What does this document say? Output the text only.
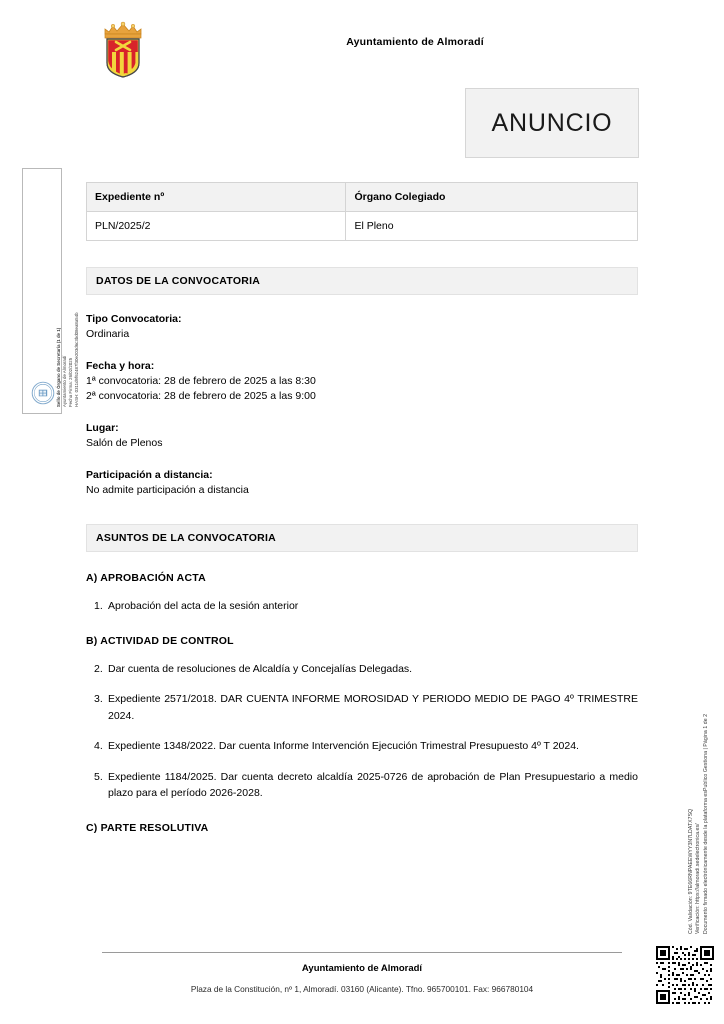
Sello de Órgano de Secretaría (1 de 1) Ayuntamiento de Almoradí Fecha Firma: 26/02/2025 HASH: 0311d9f62487f30e203d6c3bd08ea8a54b
Ayuntamiento de Almoradí
ANUNCIO
Expediente nº	Órgano Colegiado
PLN/2025/2	El Pleno
DATOS DE LA CONVOCATORIA
Tipo Convocatoria:
Ordinaria
Fecha y hora:
1ª convocatoria: 28 de febrero de 2025 a las 8:30
2ª convocatoria: 28 de febrero de 2025 a las 9:00
Lugar:
Salón de Plenos
Participación a distancia:
No admite participación a distancia
ASUNTOS DE LA CONVOCATORIA
A) APROBACIÓN ACTA
1. Aprobación del acta de la sesión anterior
B) ACTIVIDAD DE CONTROL
2. Dar cuenta de resoluciones de Alcaldía y Concejalías Delegadas.
3. Expediente 2571/2018. DAR CUENTA INFORME MOROSIDAD Y PERIODO MEDIO DE PAGO 4º TRIMESTRE 2024.
4. Expediente 1348/2022. Dar cuenta Informe Intervención Ejecución Trimestral Presupuesto 4º T 2024.
5. Expediente 1184/2025. Dar cuenta decreto alcaldía 2025-0726 de aprobación de Plan Presupuestario a medio plazo para el período 2026-2028.
C) PARTE RESOLUTIVA	Cód. Validación: 9TE66RNPAEEWYY3N7LDATX7SQ Verificación: https://almoradi.sedelectronica.es/ Documento firmado electrónicamente desde la plataforma esPublico Gestiona | Página 1 de 2
Ayuntamiento de Almoradí
Plaza de la Constitución, nº 1, Almoradí. 03160 (Alicante). Tfno. 965700101. Fax: 966780104
